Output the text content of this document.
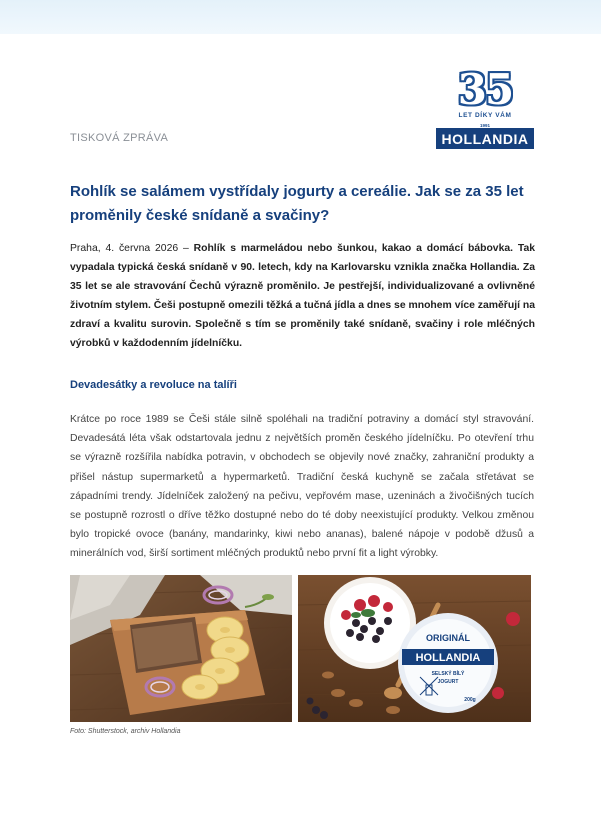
TISKOVÁ ZPRÁVA
35
LET DÍKY VÁM
1991
HOLLANDIA
Rohlík se salámem vystřídaly jogurty a cereálie. Jak se za 35 let proměnily české snídaně a svačiny?
Praha, 4. června 2026 – Rohlík s marmeládou nebo šunkou, kakao a domácí bábovka. Tak vypadala typická česká snídaně v 90. letech, kdy na Karlovarsku vznikla značka Hollandia. Za 35 let se ale stravování Čechů výrazně proměnilo. Je pestřejší, individualizované a ovlivněné životním stylem. Češi postupně omezili těžká a tučná jídla a dnes se mnohem více zaměřují na zdraví a kvalitu surovin. Společně s tím se proměnily také snídaně, svačiny i role mléčných výrobků v každodenním jídelníčku.
Devadesátky a revoluce na talíři
Krátce po roce 1989 se Češi stále silně spoléhali na tradiční potraviny a domácí styl stravování. Devadesátá léta však odstartovala jednu z největších proměn českého jídelníčku. Po otevření trhu se výrazně rozšířila nabídka potravin, v obchodech se objevily nové značky, zahraniční produkty a přišel nástup supermarketů a hypermarketů. Tradiční česká kuchyně se začala střetávat se západními trendy. Jídelníček založený na pečivu, vepřovém mase, uzeninách a živočišných tucích se postupně rozrostl o dříve těžko dostupné nebo do té doby neexistující produkty. Velkou změnou bylo tropické ovoce (banány, mandarinky, kiwi nebo ananas), balené nápoje v podobě džusů a minerálních vod, širší sortiment mléčných produktů nebo první fit a light výrobky.
ORIGINÁL
HOLLANDIA
SELSKÝ BÍLÝ
JOGURT
200g
Foto: Shutterstock, archiv Hollandia
